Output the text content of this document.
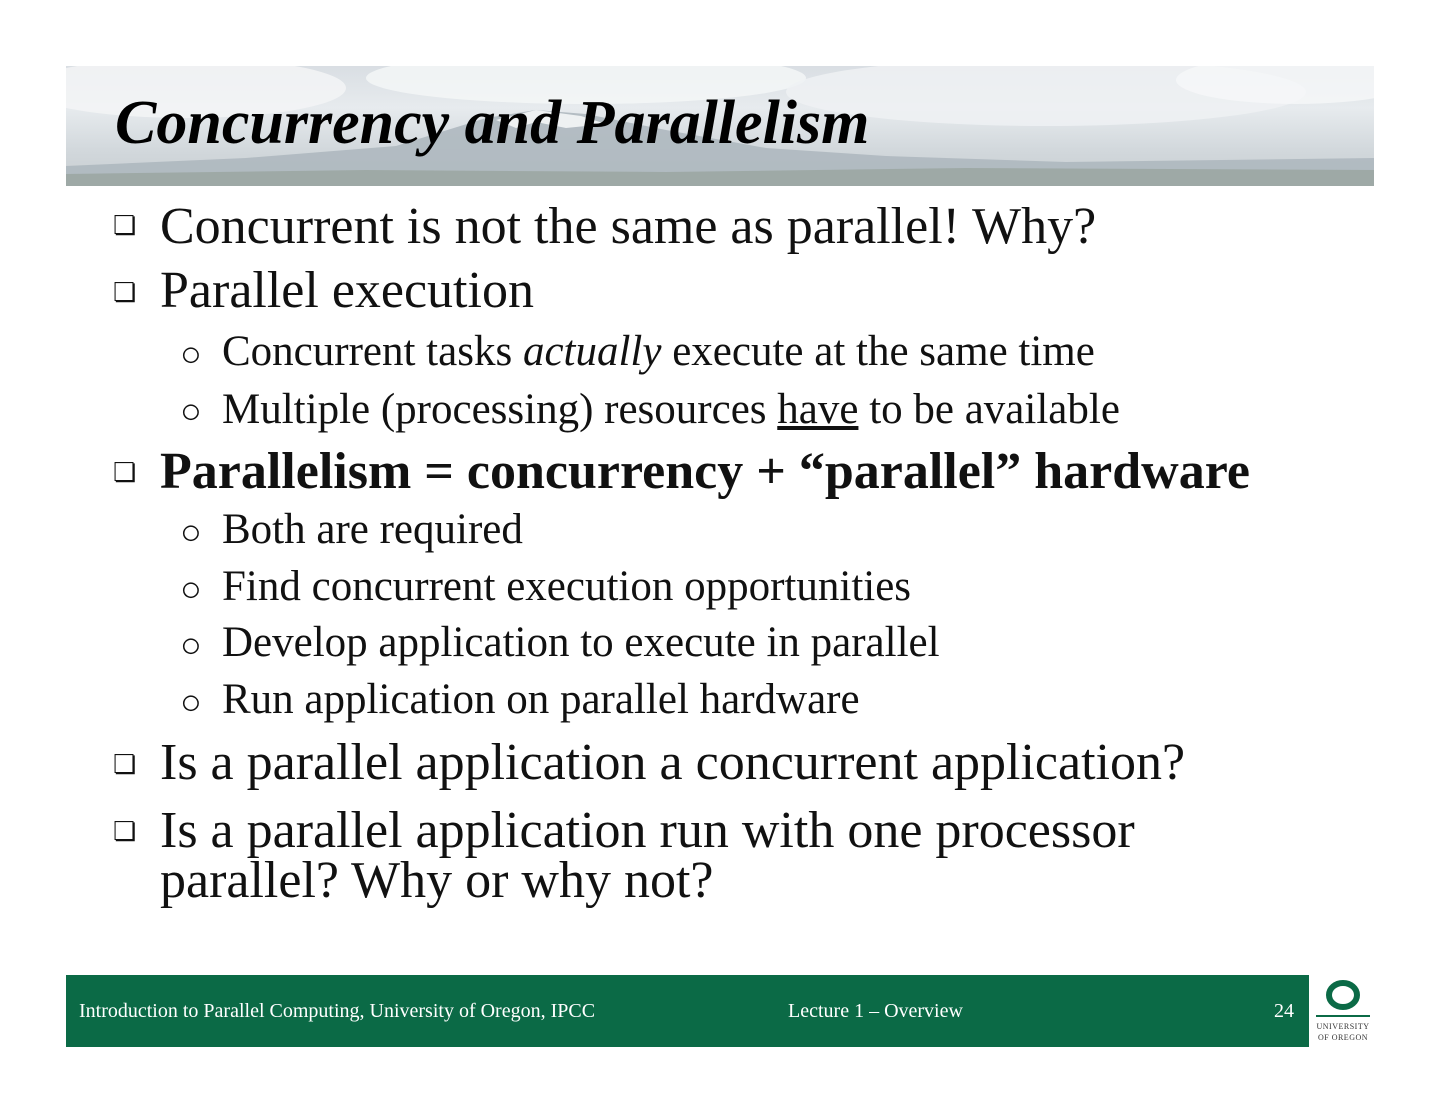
Concurrency and Parallelism
❏ Concurrent is not the same as parallel! Why?
❏ Parallel execution
○ Concurrent tasks actually execute at the same time
○ Multiple (processing) resources have to be available
❏ Parallelism = concurrency + “parallel” hardware
○ Both are required
○ Find concurrent execution opportunities
○ Develop application to execute in parallel
○ Run application on parallel hardware
❏ Is a parallel application a concurrent application?
❏ Is a parallel application run with one processor
parallel? Why or why not?
Introduction to Parallel Computing, University of Oregon, IPCC	Lecture 1 – Overview	24
UNIVERSITY
OF OREGON
